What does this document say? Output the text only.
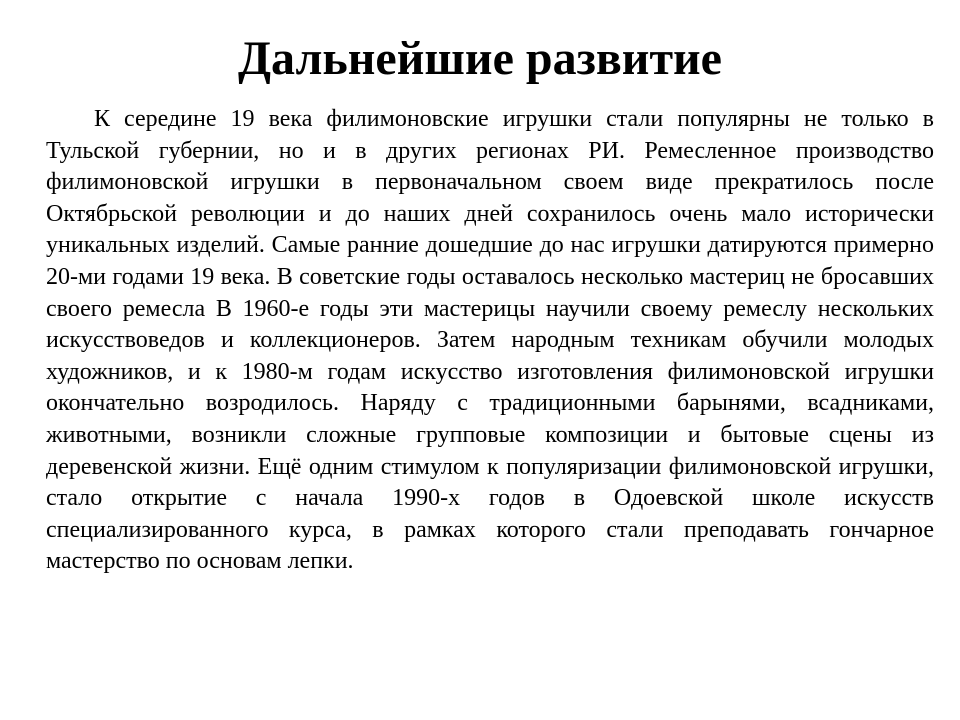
Дальнейшие развитие

К середине 19 века филимоновские игрушки стали популярны не только в Тульской губернии, но и в других регионах РИ. Ремесленное производство филимоновской игрушки в первоначальном своем виде прекратилось после Октябрьской революции и до наших дней сохранилось очень мало исторически уникальных изделий. Самые ранние дошедшие до нас игрушки датируются примерно 20-ми годами 19 века. В советские годы оставалось несколько мастериц не бросавших своего ремесла В 1960-е годы эти мастерицы научили своему ремеслу нескольких искусствоведов и коллекционеров. Затем народным техникам обучили молодых художников, и к 1980-м годам искусство изготовления филимоновской игрушки окончательно возродилось. Наряду с традиционными барынями, всадниками, животными, возникли сложные групповые композиции и бытовые сцены из деревенской жизни. Ещё одним стимулом к популяризации филимоновской игрушки, стало открытие с начала 1990-х годов в Одоевской школе искусств специализированного курса, в рамках которого стали преподавать гончарное мастерство по основам лепки.
